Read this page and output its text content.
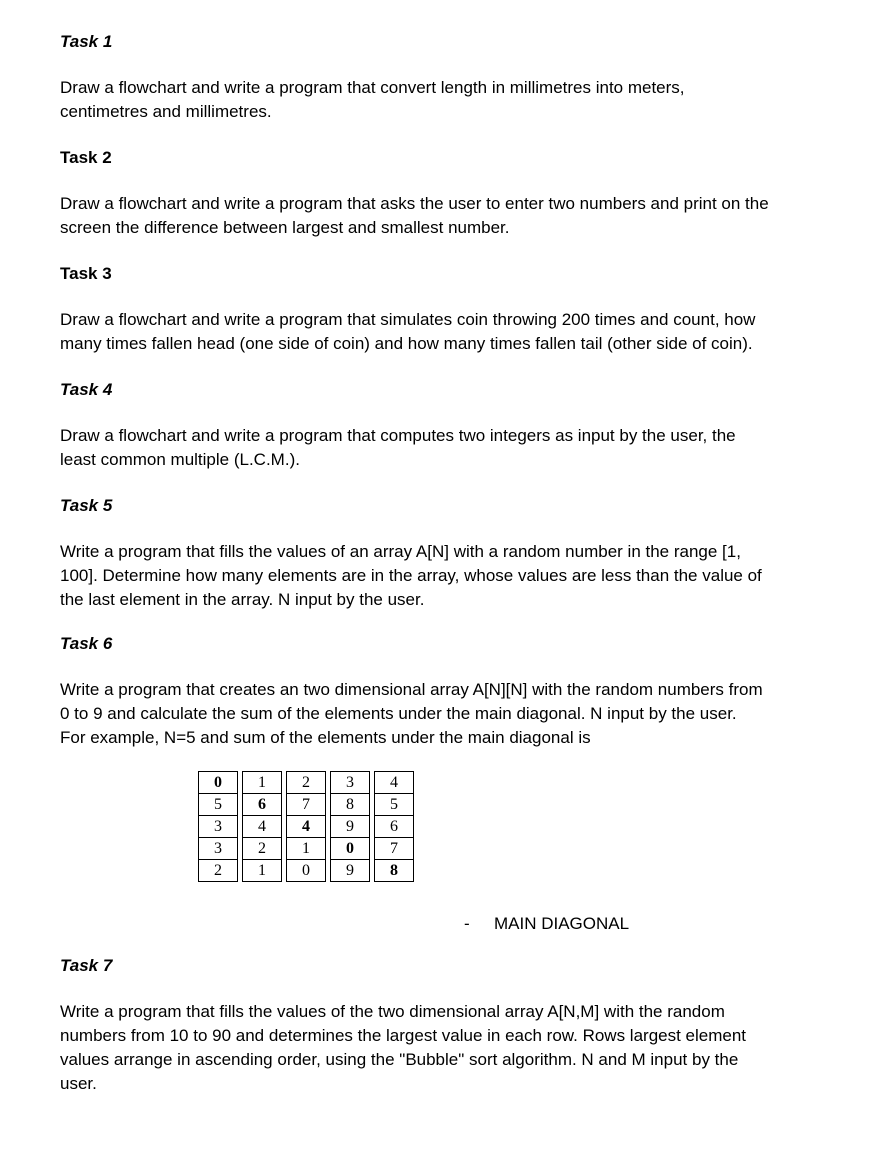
Task 1
Draw a flowchart and write a program that convert length in millimetres into meters,
centimetres and millimetres.
Task 2
Draw a flowchart and write a program that asks the user to enter two numbers and print on the
screen the difference between largest and smallest number.
Task 3
Draw a flowchart and write a program that simulates coin throwing 200 times and count, how
many times fallen head (one side of coin) and how many times fallen tail (other side of coin).
Task 4
Draw a flowchart and write a program that computes two integers as input by the user, the
least common multiple (L.C.M.).
Task 5
Write a program that fills the values of an array A[N] with a random number in the range [1,
100]. Determine how many elements are in the array, whose values are less than the value of
the last element in the array. N input by the user.
Task 6
Write a program that creates an two dimensional array A[N][N] with the random numbers from
0 to 9 and calculate the sum of the elements under the main diagonal. N input by the user.
For example, N=5 and sum of the elements under the main diagonal is
0		1		2		3		4
5		6		7		8		5
3		4		4		9		6
3		2		1		0		7
2		1		0		9		8
- MAIN DIAGONAL
Task 7
Write a program that fills the values of the two dimensional array A[N,M] with the random
numbers from 10 to 90 and determines the largest value in each row. Rows largest element
values arrange in ascending order, using the "Bubble" sort algorithm. N and M input by the
user.
